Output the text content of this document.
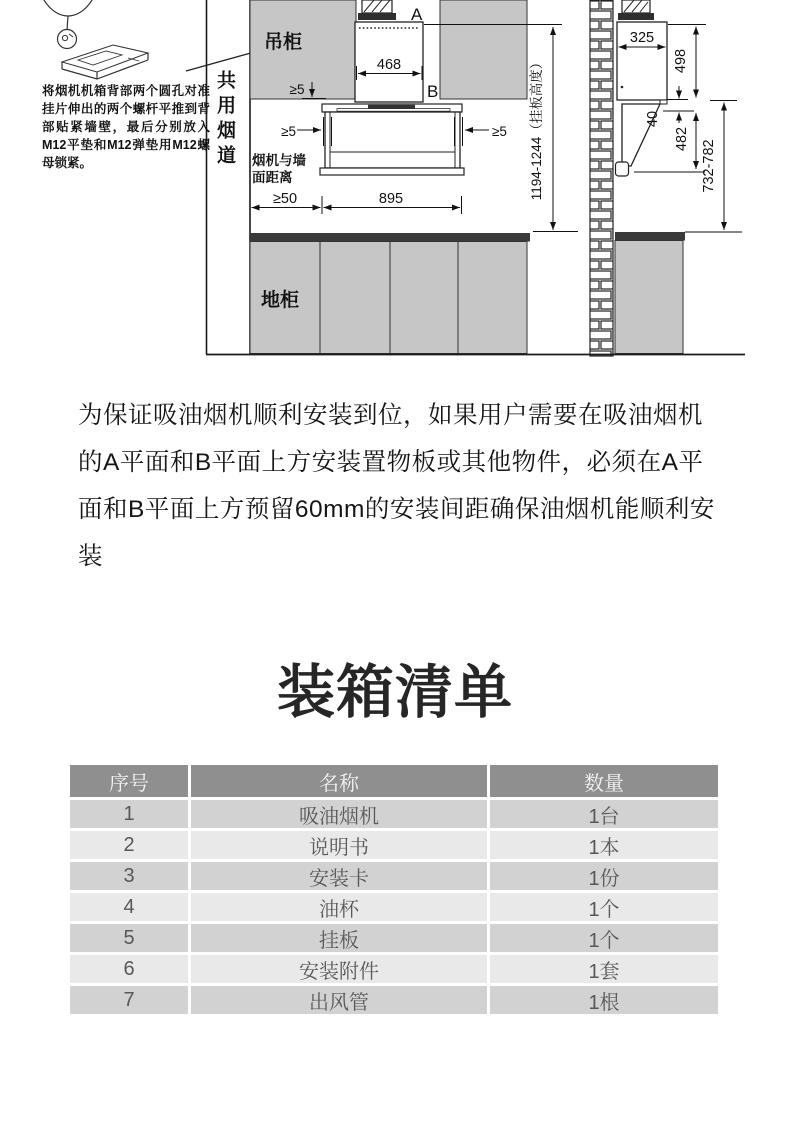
468
≥5
≥5	≥5
≥50	895	1194-1244（挂板高度）
A
B
325
498
40
482
732-782
将烟机机箱背部两个圆孔对准挂片伸出的两个螺杆平推到背部贴紧墙壁，最后分别放入M12平垫和M12弹垫用M12螺母锁紧。	共用烟道
吊柜
地柜
烟机与墙面距离
为保证吸油烟机顺利安装到位，如果用户需要在吸油烟机的A平面和B平面上方安装置物板或其他物件，必须在A平面和B平面上方预留60mm的安装间距确保油烟机能顺利安装
装箱清单
序号	名称	数量
1	吸油烟机	1台
2	说明书	1本
3	安装卡	1份
4	油杯	1个
5	挂板	1个
6	安装附件	1套
7	出风管	1根
